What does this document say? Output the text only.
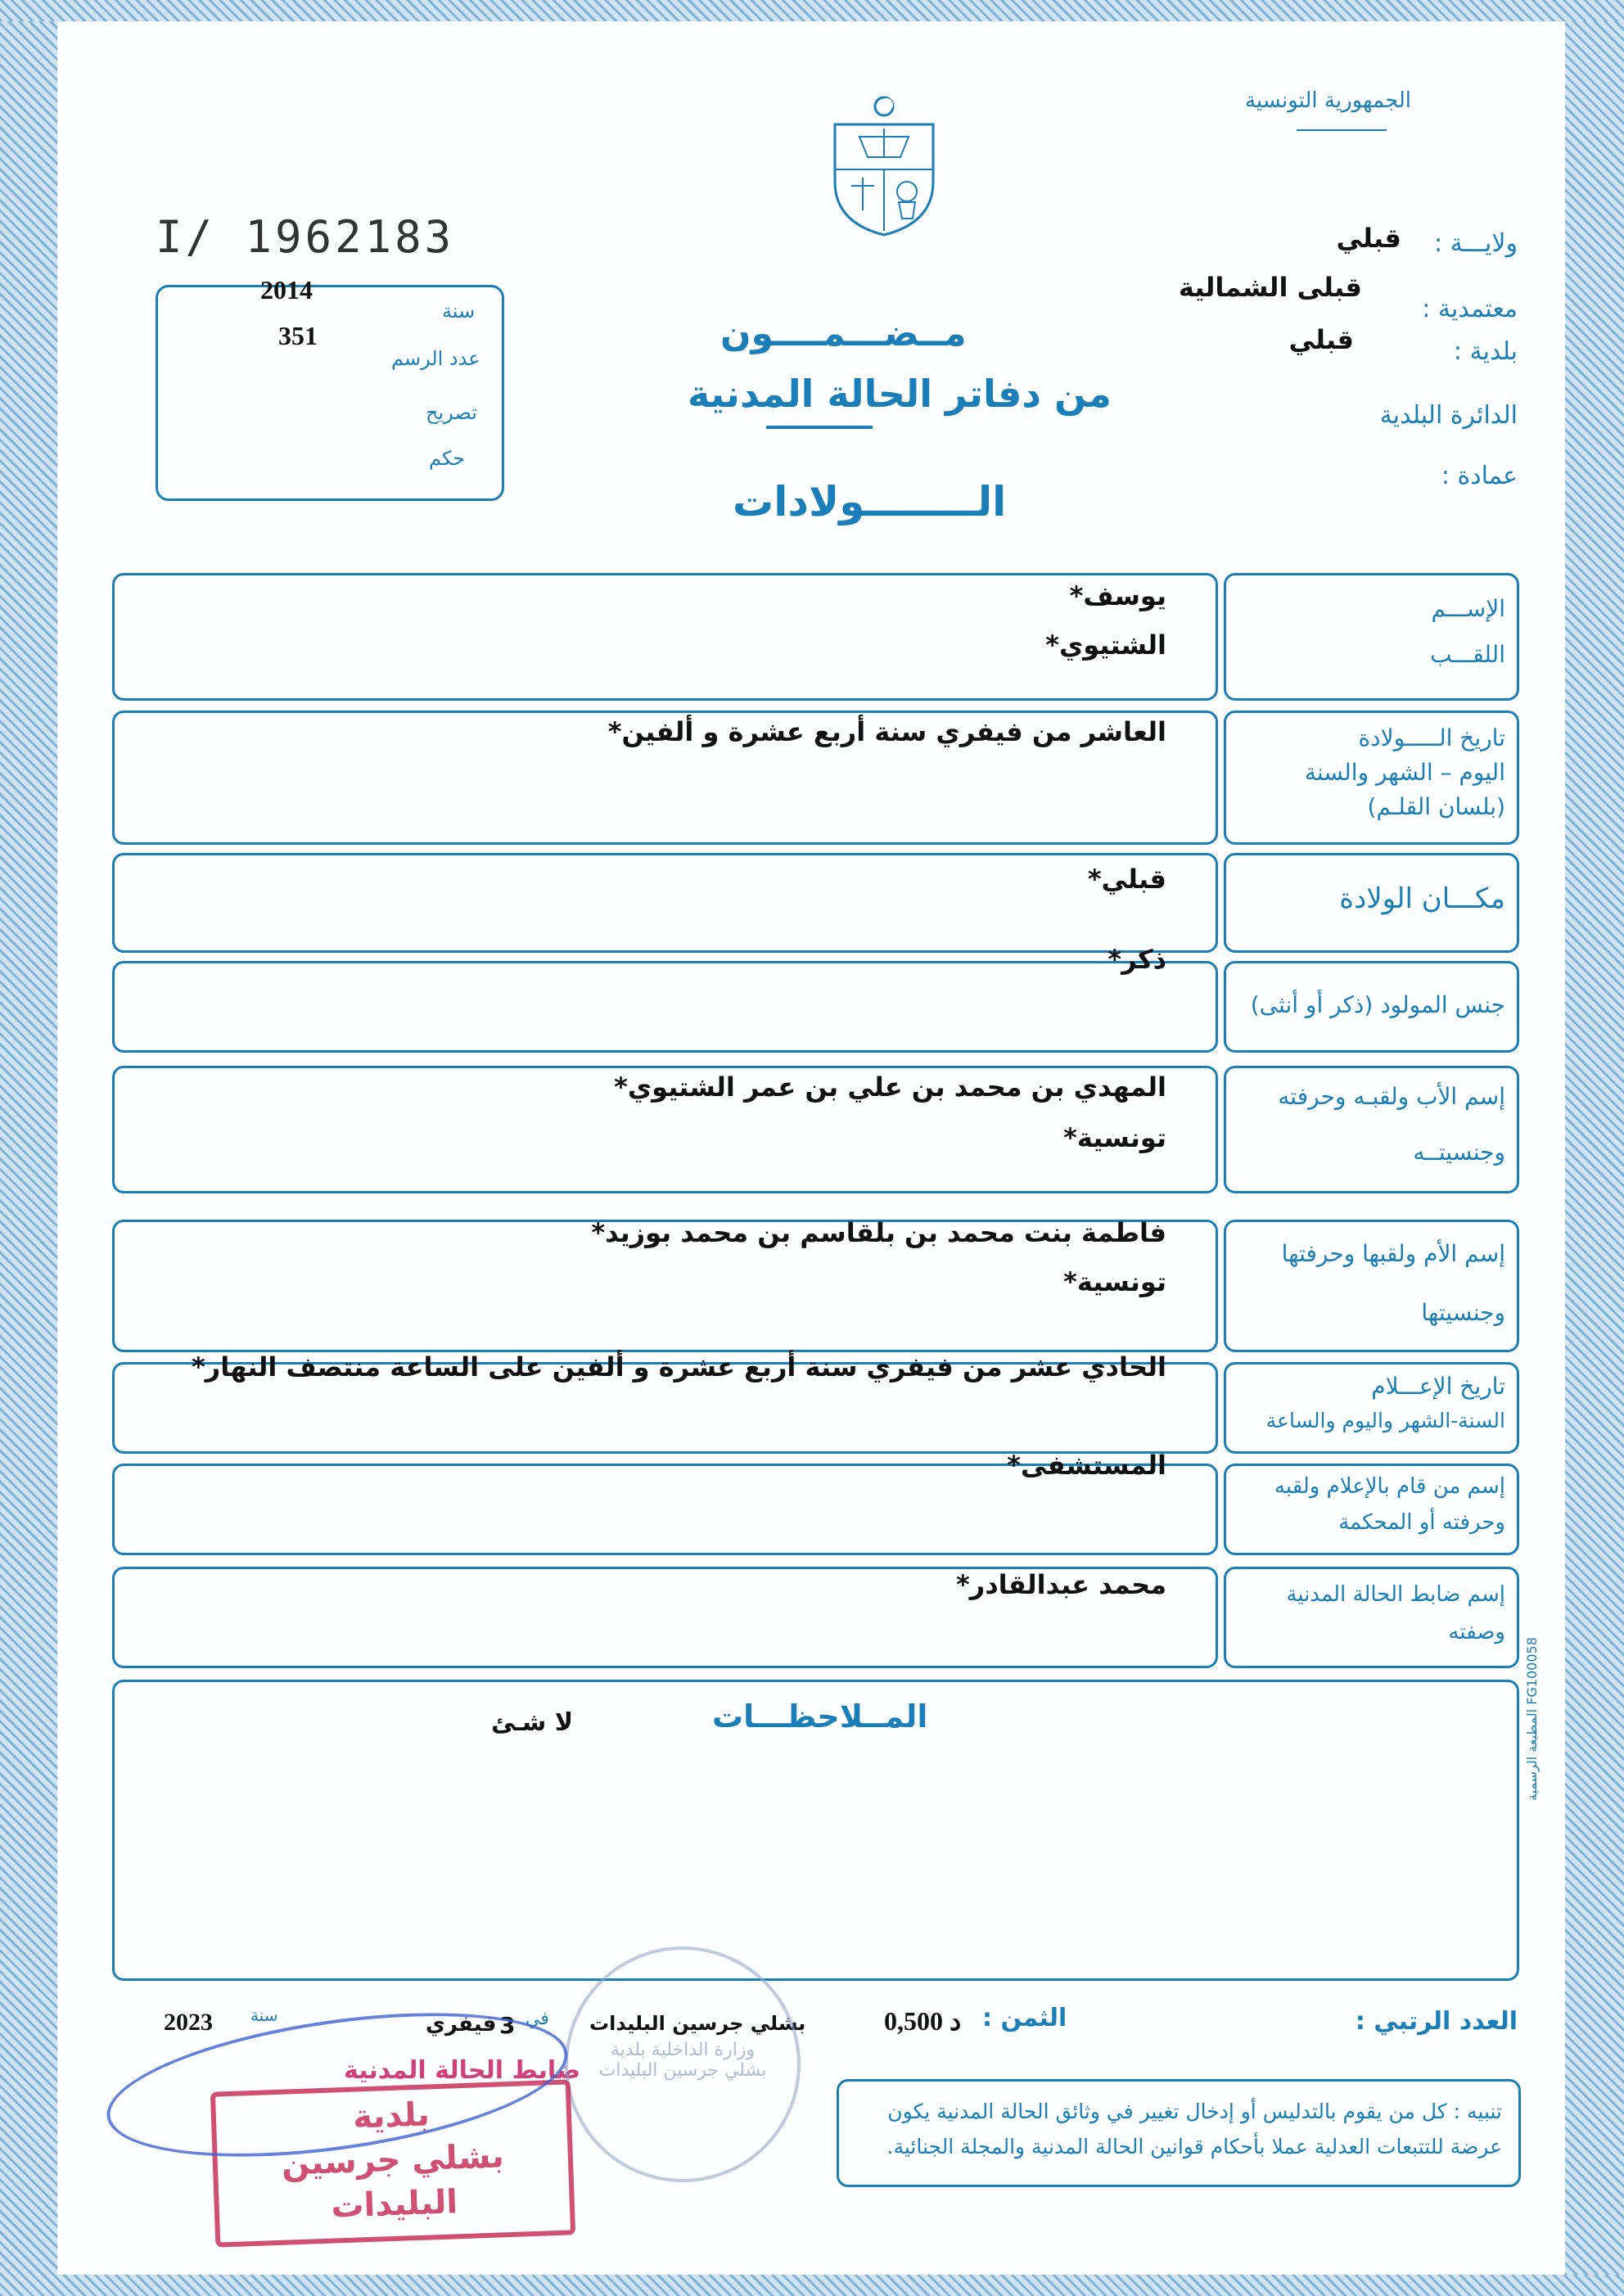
الجمهورية التونسية
I/ 1962183
2014
351
سنة
عدد الرسم
تصريح
حكم
ولايـــة :
قبلي
معتمدية :
قبلى الشمالية
بلدية :
قبلي
الدائرة البلدية
عمادة :
مــضـــمــــون
من دفاتر الحالة المدنية
الــــــــولادات
الإســـم
اللقـــب
يوسف*
الشتيوي*
تاريخ الـــــولادة
اليوم – الشهر والسنة
(بلسان القلـم)
العاشر من فيفري سنة أربع عشرة و ألفين*
مكـــان الولادة
قبلي*
جنس المولود (ذكر أو أنثى)
ذكر*
إسم الأب ولقبـه وحرفته
وجنسيتــه
المهدي بن محمد بن علي بن عمر الشتيوي*
تونسية*
إسم الأم ولقبها وحرفتها
وجنسيتها
فاطمة بنت محمد بن بلقاسم بن محمد بوزيد*
تونسية*
تاريخ الإعـــلام
السنة-الشهر واليوم والساعة
الحادي عشر من فيفري سنة أربع عشرة و ألفين على الساعة منتصف النهار*
إسم من قام بالإعلام ولقبه
وحرفته أو المحكمة
المستشفى*
إسم ضابط الحالة المدنية
وصفته
محمد عبدالقادر*
المــلاحظـــات
لا شـئ	المطبعة الرسمية FG100058
العدد الرتبي :
الثمن :
0,500 د
بشلي جرسين البليدات
في
3
فيفري
سنة
2023
ضابط الحالة المدنية
تنبيه : كل من يقوم بالتدليس أو إدخال تغيير في وثائق الحالة المدنية يكون عرضة للتتبعات العدلية عملا بأحكام قوانين الحالة المدنية والمجلة الجنائية.
وزارة الداخلية بلدية بشلي جرسين البليدات
بلدية
بشلي جرسين
البليدات
